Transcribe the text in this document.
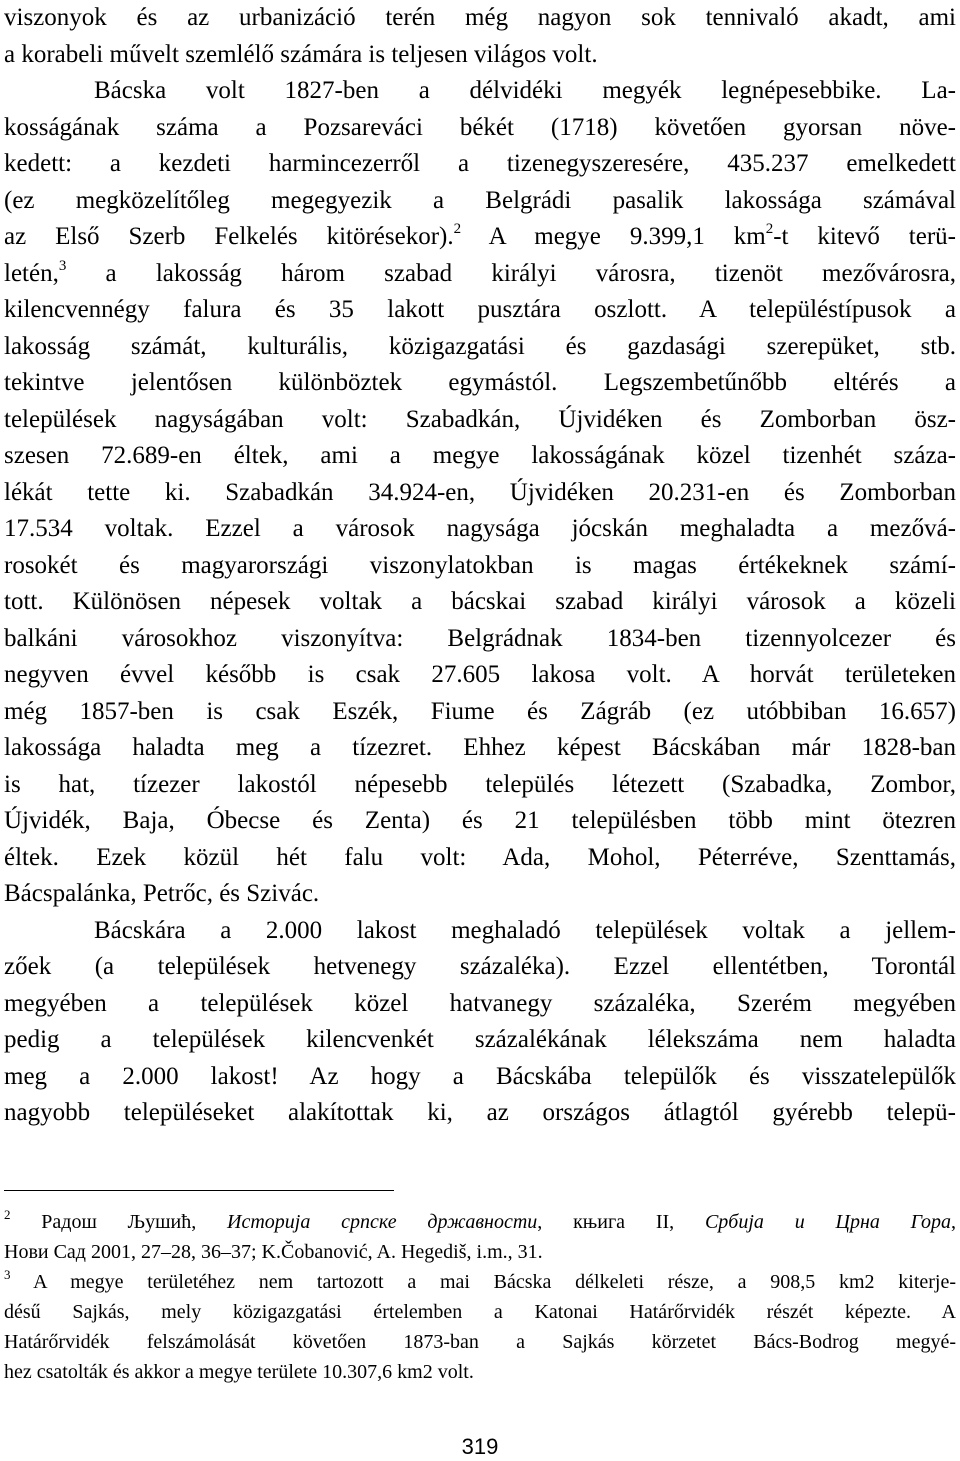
viszonyok és az urbanizáció terén még nagyon sok tennivaló akadt, ami
a korabeli művelt szemlélő számára is teljesen világos volt.
Bácska volt 1827-ben a délvidéki megyék legnépesebbike. La-
kosságának száma a Pozsareváci békét (1718) követően gyorsan növe-
kedett: a kezdeti harmincezerről a tizenegyszeresére, 435.237 emelkedett
(ez megközelítőleg megegyezik a Belgrádi pasalik lakossága számával
az Első Szerb Felkelés kitörésekor).$^2$ A megye 9.399,1 $km^2-t$ kitevő terü-
letén,$^3$ a lakosság három szabad királyi városra, tizenöt mezővárosra,
kilencvennégy falura és 35 lakott pusztára oszlott. A településtípusok a
lakosság számát, kulturális, közigazgatási és gazdasági szerepüket, stb.
tekintve jelentősen különböztek egymástól. Legszembetűnőbb eltérés a
települések nagyságában volt: Szabadkán, Újvidéken és Zomborban ösz-
szesen 72.689-en éltek, ami a megye lakosságának közel tizenhét száza-
lékát tette ki. Szabadkán 34.924-en, Újvidéken 20.231-en és Zomborban
17.534 voltak. Ezzel a városok nagysága jócskán meghaladta a mezővá-
rosokét és magyarországi viszonylatokban is magas értékeknek számí-
tott. Különösen népesek voltak a bácskai szabad királyi városok a közeli
balkáni városokhoz viszonyítva: Belgrádnak 1834-ben tizennyolcezer és
negyven évvel később is csak 27.605 lakosa volt. A horvát területeken
még 1857-ben is csak Eszék, Fiume és Zágráb (ez utóbbiban 16.657)
lakossága haladta meg a tízezret. Ehhez képest Bácskában már 1828-ban
is hat, tízezer lakostól népesebb település létezett (Szabadka, Zombor,
Újvidék, Baja, Óbecse és Zenta) és 21 településben több mint ötezren
éltek. Ezek közül hét falu volt: Ada, Mohol, Péterréve, Szenttamás,
Bácspalánka, Petrőc, és Szivác.
Bácskára a 2.000 lakost meghaladó települések voltak a jellem-
zőek (a települések hetvenegy százaléka). Ezzel ellentétben, Torontál
megyében a települések közel hatvanegy százaléka, Szerém megyében
pedig a települések kilencvenkét százalékának lélekszáma nem haladta
meg a 2.000 lakost! Az hogy a Bácskába települők és visszatelepülők
nagyobb településeket alakítottak ki, az országos átlagtól gyérebb telepü-
$^2$ Радош Љушић, Историја српске државности, књига II, Србија и Црна Гора,
Нови Сад 2001, 27–28, 36–37; K.Čobanović, A. Hegediš, i.m., 31.
$^3$ A megye területéhez nem tartozott a mai Bácska délkeleti része, a 908,5 km2 kiterje-
désű Sajkás, mely közigazgatási értelemben a Katonai Határőrvidék részét képezte. A
Határőrvidék felszámolását követően 1873-ban a Sajkás körzetet Bács-Bodrog megyé-
hez csatolták és akkor a megye területe 10.307,6 km2 volt.
319
